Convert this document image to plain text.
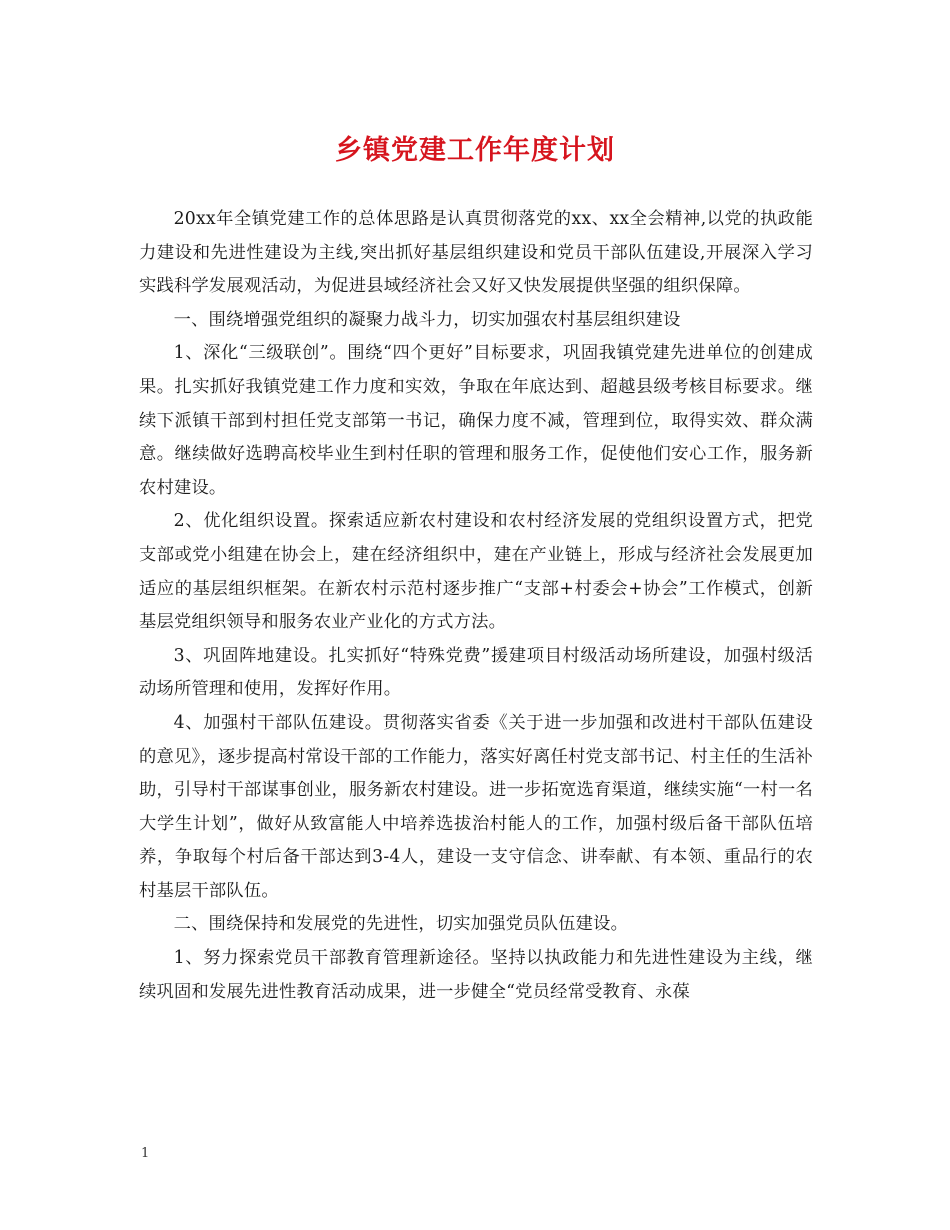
乡镇党建工作年度计划

20xx年全镇党建工作的总体思路是认真贯彻落党的xx、xx全会精神,以党的执政能力建设和先进性建设为主线,突出抓好基层组织建设和党员干部队伍建设,开展深入学习实践科学发展观活动，为促进县域经济社会又好又快发展提供坚强的组织保障。

一、围绕增强党组织的凝聚力战斗力，切实加强农村基层组织建设

1、深化“三级联创”。围绕“四个更好”目标要求，巩固我镇党建先进单位的创建成果。扎实抓好我镇党建工作力度和实效，争取在年底达到、超越县级考核目标要求。继续下派镇干部到村担任党支部第一书记，确保力度不减，管理到位，取得实效、群众满意。继续做好选聘高校毕业生到村任职的管理和服务工作，促使他们安心工作，服务新农村建设。

2、优化组织设置。探索适应新农村建设和农村经济发展的党组织设置方式，把党支部或党小组建在协会上，建在经济组织中，建在产业链上，形成与经济社会发展更加适应的基层组织框架。在新农村示范村逐步推广“支部+村委会+协会”工作模式，创新基层党组织领导和服务农业产业化的方式方法。

3、巩固阵地建设。扎实抓好“特殊党费”援建项目村级活动场所建设，加强村级活动场所管理和使用，发挥好作用。

4、加强村干部队伍建设。贯彻落实省委《关于进一步加强和改进村干部队伍建设的意见》，逐步提高村常设干部的工作能力，落实好离任村党支部书记、村主任的生活补助，引导村干部谋事创业，服务新农村建设。进一步拓宽选育渠道，继续实施“一村一名大学生计划”，做好从致富能人中培养选拔治村能人的工作，加强村级后备干部队伍培养，争取每个村后备干部达到3-4人，建设一支守信念、讲奉献、有本领、重品行的农村基层干部队伍。

二、围绕保持和发展党的先进性，切实加强党员队伍建设。

1、努力探索党员干部教育管理新途径。坚持以执政能力和先进性建设为主线，继续巩固和发展先进性教育活动成果，进一步健全“党员经常受教育、永葆

1
